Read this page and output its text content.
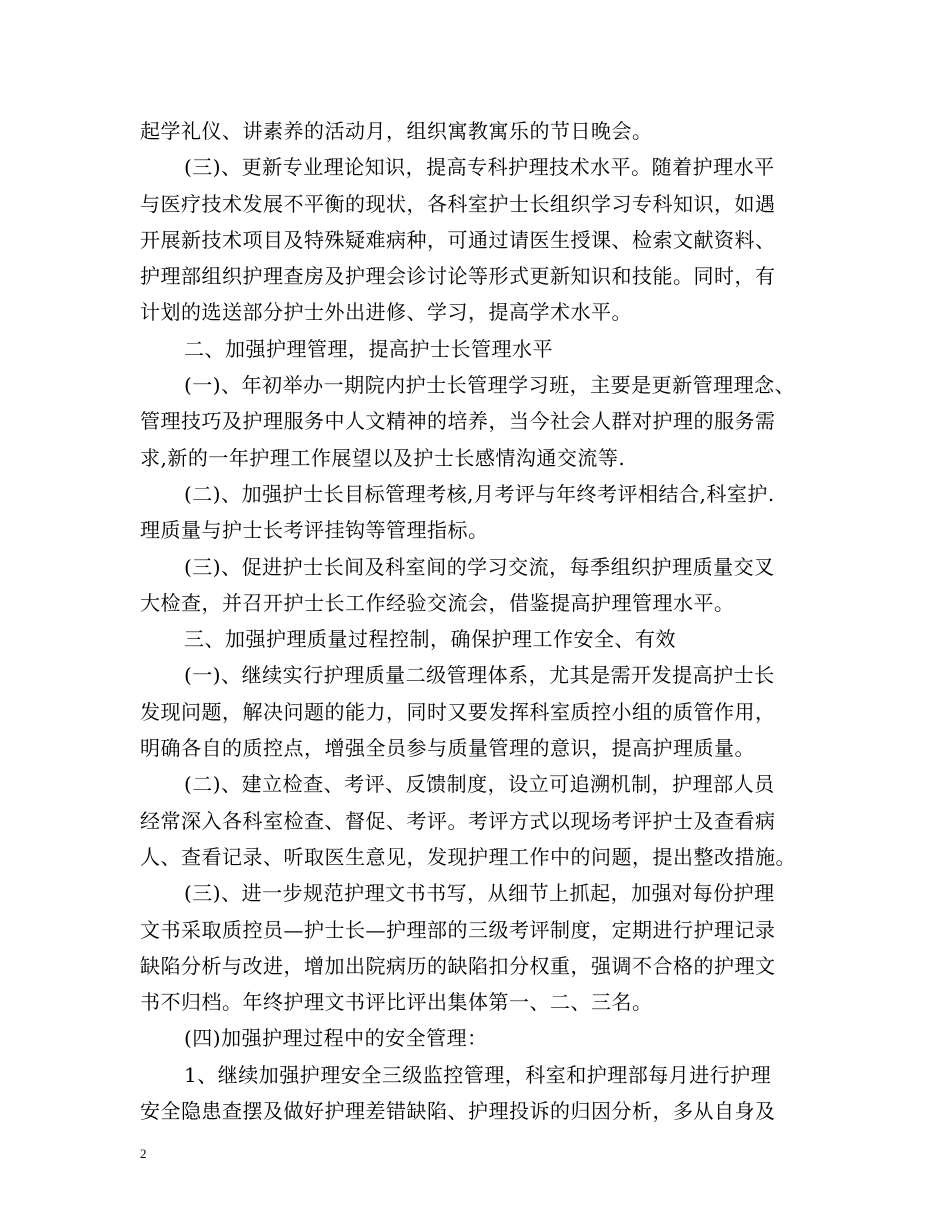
起学礼仪、讲素养的活动月，组织寓教寓乐的节日晚会。
(三)、更新专业理论知识，提高专科护理技术水平。随着护理水平
与医疗技术发展不平衡的现状，各科室护士长组织学习专科知识，如遇
开展新技术项目及特殊疑难病种，可通过请医生授课、检索文献资料、
护理部组织护理查房及护理会诊讨论等形式更新知识和技能。同时，有
计划的选送部分护士外出进修、学习，提高学术水平。
二、加强护理管理，提高护士长管理水平
(一)、年初举办一期院内护士长管理学习班，主要是更新管理理念、
管理技巧及护理服务中人文精神的培养，当今社会人群对护理的服务需
求,新的一年护理工作展望以及护士长感情沟通交流等.
(二)、加强护士长目标管理考核,月考评与年终考评相结合,科室护.
理质量与护士长考评挂钩等管理指标。
(三)、促进护士长间及科室间的学习交流，每季组织护理质量交叉
大检查，并召开护士长工作经验交流会，借鉴提高护理管理水平。
三、加强护理质量过程控制，确保护理工作安全、有效
(一)、继续实行护理质量二级管理体系，尤其是需开发提高护士长
发现问题，解决问题的能力，同时又要发挥科室质控小组的质管作用，
明确各自的质控点，增强全员参与质量管理的意识，提高护理质量。
(二)、建立检查、考评、反馈制度，设立可追溯机制，护理部人员
经常深入各科室检查、督促、考评。考评方式以现场考评护士及查看病
人、查看记录、听取医生意见，发现护理工作中的问题，提出整改措施。
(三)、进一步规范护理文书书写，从细节上抓起，加强对每份护理
文书采取质控员—护士长—护理部的三级考评制度，定期进行护理记录
缺陷分析与改进，增加出院病历的缺陷扣分权重，强调不合格的护理文
书不归档。年终护理文书评比评出集体第一、二、三名。
(四)加强护理过程中的安全管理：
1、继续加强护理安全三级监控管理，科室和护理部每月进行护理
安全隐患查摆及做好护理差错缺陷、护理投诉的归因分析，多从自身及
2
